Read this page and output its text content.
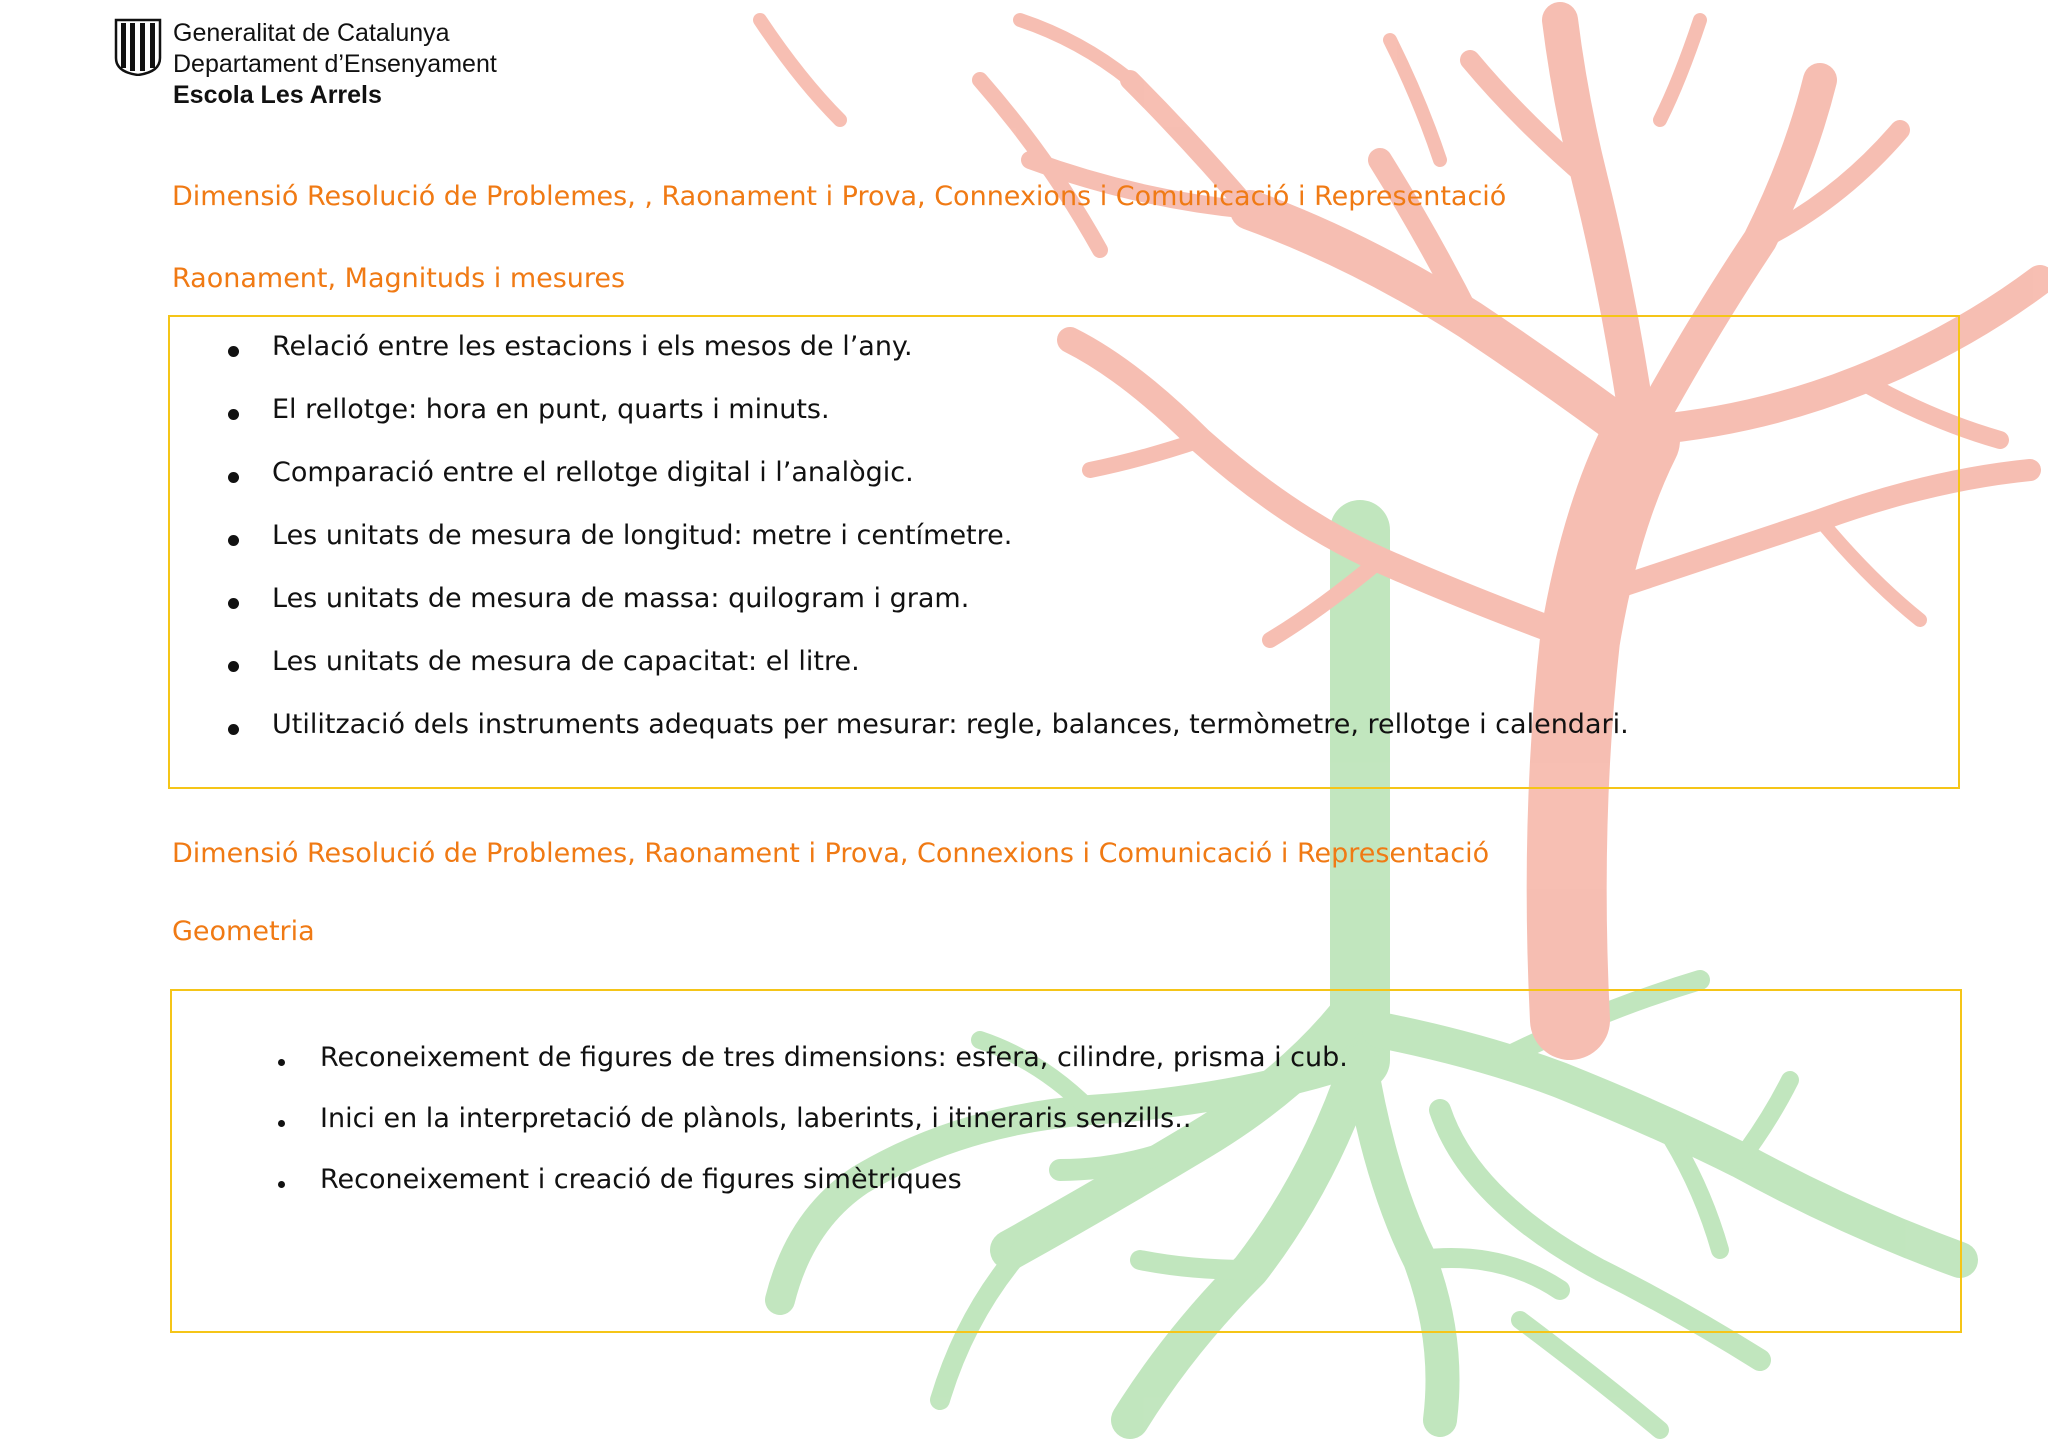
Generalitat de Catalunya
Departament d’Ensenyament
Escola Les Arrels
Dimensió Resolució de Problemes, , Raonament i Prova, Connexions i Comunicació i Representació
Raonament, Magnituds i mesures
Relació entre les estacions i els mesos de l’any.
El rellotge: hora en punt, quarts i minuts.
Comparació entre el rellotge digital i l’analògic.
Les unitats de mesura de longitud: metre i centímetre.
Les unitats de mesura de massa: quilogram i gram.
Les unitats de mesura de capacitat: el litre.
Utilització dels instruments adequats per mesurar: regle, balances, termòmetre, rellotge i calendari.
Dimensió Resolució de Problemes, Raonament i Prova, Connexions i Comunicació i Representació
Geometria
Reconeixement de figures de tres dimensions: esfera, cilindre, prisma i cub.
Inici en la interpretació de plànols, laberints, i itineraris senzills..
Reconeixement i creació de figures simètriques
